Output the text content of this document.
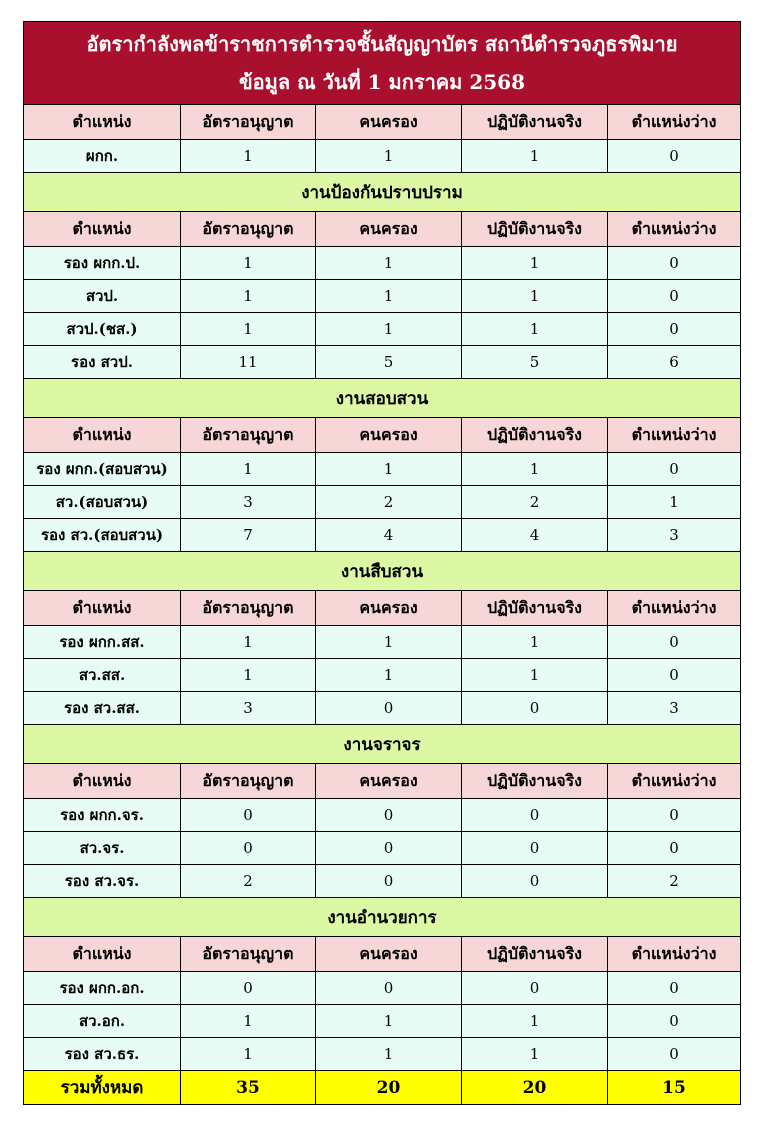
อัตรากำลังพลข้าราชการตำรวจชั้นสัญญาบัตร สถานีตำรวจภูธรพิมาย
ข้อมูล ณ วันที่ 1 มกราคม 2568				

ตำแหน่ง	อัตราอนุญาต	คนครอง	ปฏิบัติงานจริง	ตำแหน่งว่าง
ผกก.	1	1	1	0
งานป้องกันปราบปราม				
ตำแหน่ง	อัตราอนุญาต	คนครอง	ปฏิบัติงานจริง	ตำแหน่งว่าง
รอง ผกก.ป.	1	1	1	0
สวป.	1	1	1	0
สวป.(ชส.)	1	1	1	0
รอง สวป.	11	5	5	6
งานสอบสวน				
ตำแหน่ง	อัตราอนุญาต	คนครอง	ปฏิบัติงานจริง	ตำแหน่งว่าง
รอง ผกก.(สอบสวน)	1	1	1	0
สว.(สอบสวน)	3	2	2	1
รอง สว.(สอบสวน)	7	4	4	3
งานสืบสวน				
ตำแหน่ง	อัตราอนุญาต	คนครอง	ปฏิบัติงานจริง	ตำแหน่งว่าง
รอง ผกก.สส.	1	1	1	0
สว.สส.	1	1	1	0
รอง สว.สส.	3	0	0	3
งานจราจร				
ตำแหน่ง	อัตราอนุญาต	คนครอง	ปฏิบัติงานจริง	ตำแหน่งว่าง
รอง ผกก.จร.	0	0	0	0
สว.จร.	0	0	0	0
รอง สว.จร.	2	0	0	2
งานอำนวยการ				
ตำแหน่ง	อัตราอนุญาต	คนครอง	ปฏิบัติงานจริง	ตำแหน่งว่าง
รอง ผกก.อก.	0	0	0	0
สว.อก.	1	1	1	0
รอง สว.ธร.	1	1	1	0
รวมทั้งหมด	35	20	20	15
